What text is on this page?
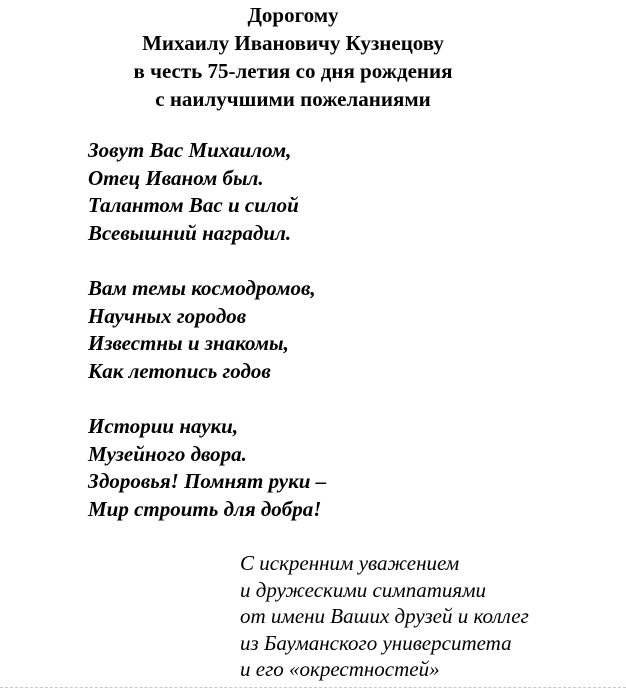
Дорогому
Михаилу Ивановичу Кузнецову
в честь 75-летия со дня рождения
с наилучшими пожеланиями
Зовут Вас Михаилом,
Отец Иваном был.
Талантом Вас и силой
Всевышний наградил.
Вам темы космодромов,
Научных городов
Известны и знакомы,
Как летопись годов
Истории науки,
Музейного двора.
Здоровья! Помнят руки –
Мир строить для добра!
С искренним уважением
и дружескими симпатиями
от имени Ваших друзей и коллег
из Бауманского университета
и его «окрестностей»
